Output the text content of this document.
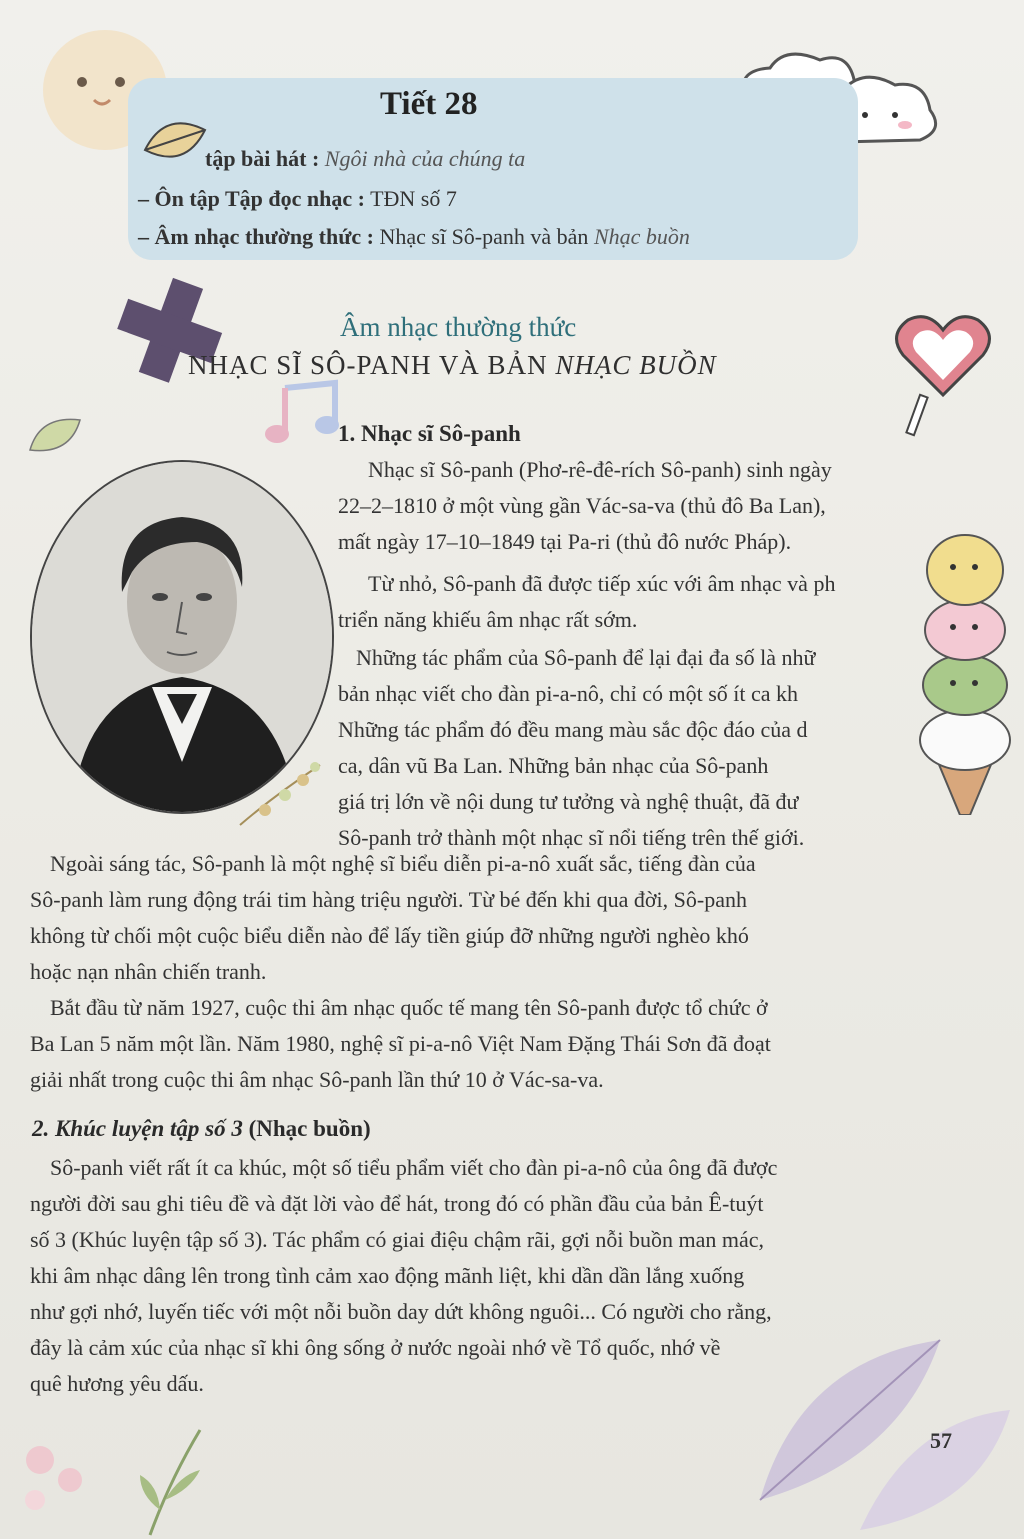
Tiết 28
tập bài hát : Ngôi nhà của chúng ta
– Ôn tập Tập đọc nhạc : TĐN số 7
– Âm nhạc thường thức : Nhạc sĩ Sô-panh và bản Nhạc buồn
Âm nhạc thường thức
NHẠC SĨ SÔ-PANH VÀ BẢN NHẠC BUỒN
1. Nhạc sĩ Sô-panh
Nhạc sĩ Sô-panh (Phơ-rê-đê-rích Sô-panh) sinh ngày
22–2–1810 ở một vùng gần Vác-sa-va (thủ đô Ba Lan),
mất ngày 17–10–1849 tại Pa-ri (thủ đô nước Pháp).
Từ nhỏ, Sô-panh đã được tiếp xúc với âm nhạc và ph
triển năng khiếu âm nhạc rất sớm.
Những tác phẩm của Sô-panh để lại đại đa số là nhữ
bản nhạc viết cho đàn pi-a-nô, chỉ có một số ít ca kh
Những tác phẩm đó đều mang màu sắc độc đáo của d
ca, dân vũ Ba Lan. Những bản nhạc của Sô-panh
giá trị lớn về nội dung tư tưởng và nghệ thuật, đã đư
Sô-panh trở thành một nhạc sĩ nổi tiếng trên thế giới.
Ngoài sáng tác, Sô-panh là một nghệ sĩ biểu diễn pi-a-nô xuất sắc, tiếng đàn của
Sô-panh làm rung động trái tim hàng triệu người. Từ bé đến khi qua đời, Sô-panh
không từ chối một cuộc biểu diễn nào để lấy tiền giúp đỡ những người nghèo khó
hoặc nạn nhân chiến tranh.
Bắt đầu từ năm 1927, cuộc thi âm nhạc quốc tế mang tên Sô-panh được tổ chức ở
Ba Lan 5 năm một lần. Năm 1980, nghệ sĩ pi-a-nô Việt Nam Đặng Thái Sơn đã đoạt
giải nhất trong cuộc thi âm nhạc Sô-panh lần thứ 10 ở Vác-sa-va.
2. Khúc luyện tập số 3 (Nhạc buồn)
Sô-panh viết rất ít ca khúc, một số tiểu phẩm viết cho đàn pi-a-nô của ông đã được
người đời sau ghi tiêu đề và đặt lời vào để hát, trong đó có phần đầu của bản Ê-tuýt
số 3 (Khúc luyện tập số 3). Tác phẩm có giai điệu chậm rãi, gợi nỗi buồn man mác,
khi âm nhạc dâng lên trong tình cảm xao động mãnh liệt, khi dần dần lắng xuống
như gợi nhớ, luyến tiếc với một nỗi buồn day dứt không nguôi... Có người cho rằng,
đây là cảm xúc của nhạc sĩ khi ông sống ở nước ngoài nhớ về Tổ quốc, nhớ về
quê hương yêu dấu.
57
